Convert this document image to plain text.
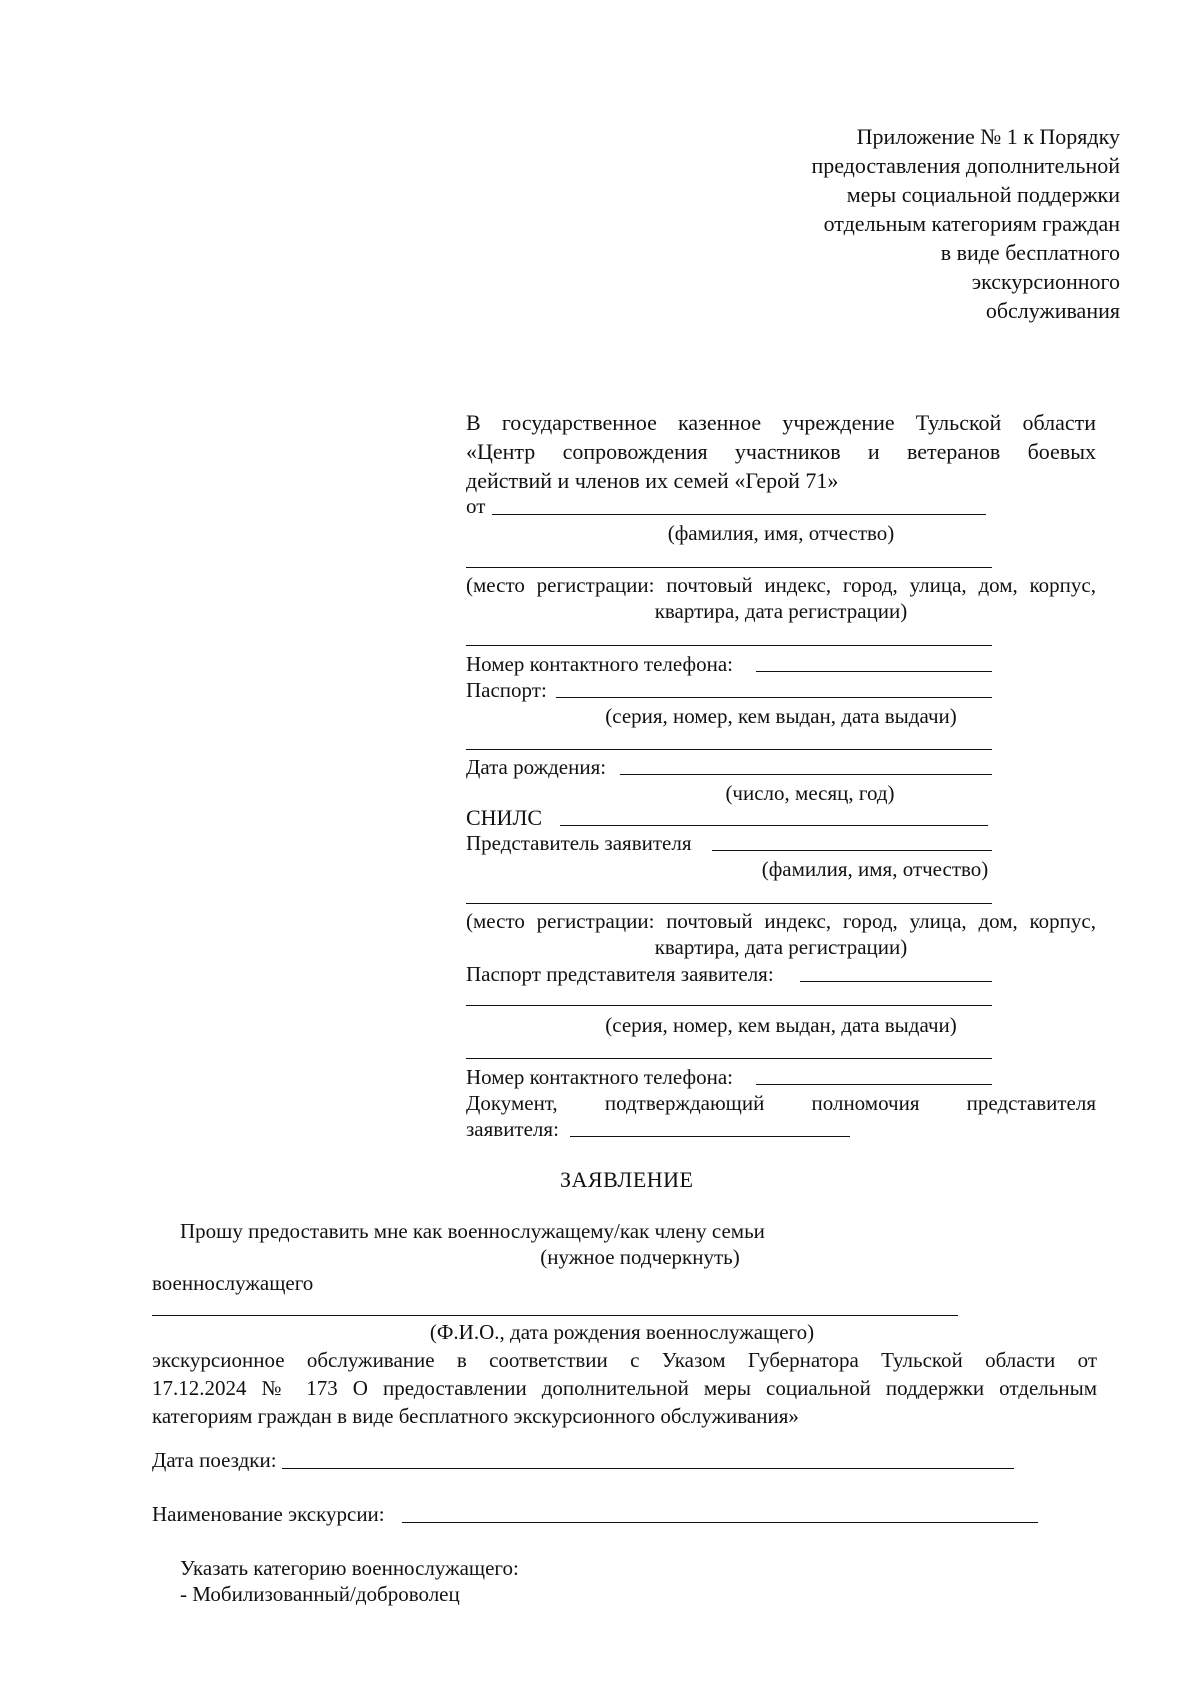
Приложение № 1 к Порядку
предоставления дополнительной
меры социальной поддержки
отдельным категориям граждан
в виде бесплатного
экскурсионного
обслуживания
В государственное казенное учреждение Тульской области
«Центр сопровождения участников и ветеранов боевых
действий и членов их семей «Герой 71»
от
(фамилия, имя, отчество)
(место регистрации: почтовый индекс, город, улица, дом, корпус,
квартира, дата регистрации)
Номер контактного телефона:
Паспорт:
(серия, номер, кем выдан, дата выдачи)
Дата рождения:
(число, месяц, год)
СНИЛС
Представитель заявителя
(фамилия, имя, отчество)
(место регистрации: почтовый индекс, город, улица, дом, корпус,
квартира, дата регистрации)
Паспорт представителя заявителя:
(серия, номер, кем выдан, дата выдачи)
Номер контактного телефона:
Документ, подтверждающий полномочия представителя
заявителя:
ЗАЯВЛЕНИЕ
Прошу предоставить мне как военнослужащему/как члену семьи
(нужное подчеркнуть)
военнослужащего
(Ф.И.О., дата рождения военнослужащего)
экскурсионное обслуживание в соответствии с Указом Губернатора Тульской области от
17.12.2024 № 173 О предоставлении дополнительной меры социальной поддержки отдельным
категориям граждан в виде бесплатного экскурсионного обслуживания»
Дата поездки:
Наименование экскурсии:
Указать категорию военнослужащего:
- Мобилизованный/доброволец
